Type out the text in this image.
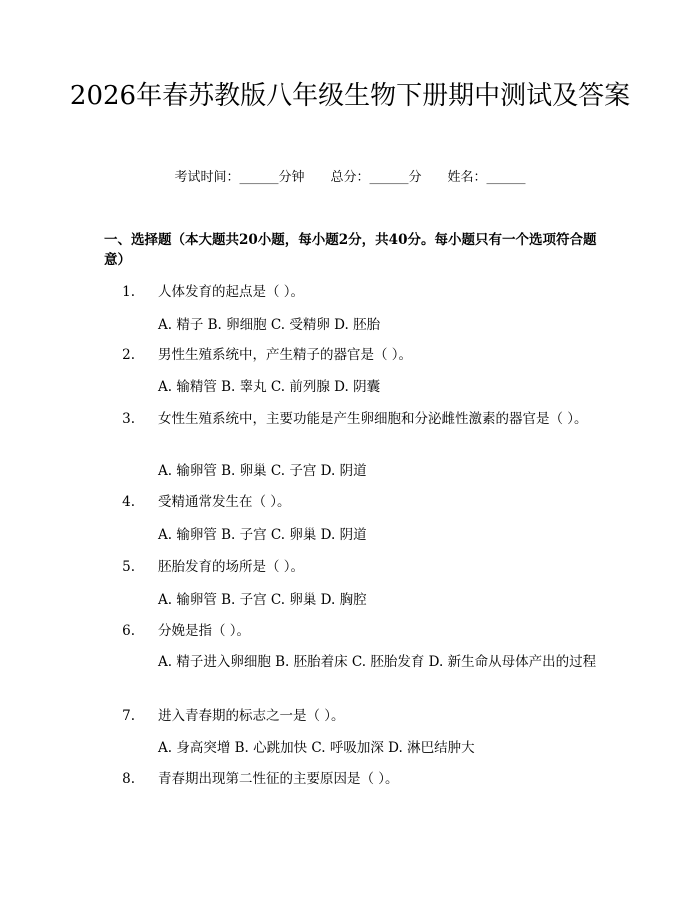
2026年春苏教版八年级生物下册期中测试及答案
考试时间：______分钟 总分：______分 姓名：______
一、选择题（本大题共20小题，每小题2分，共40分。每小题只有一个选项符合题意）
1. 人体发育的起点是（ ）。
A. 精子 B. 卵细胞 C. 受精卵 D. 胚胎
2. 男性生殖系统中，产生精子的器官是（ ）。
A. 输精管 B. 睾丸 C. 前列腺 D. 阴囊
3. 女性生殖系统中，主要功能是产生卵细胞和分泌雌性激素的器官是（ ）。
A. 输卵管 B. 卵巢 C. 子宫 D. 阴道
4. 受精通常发生在（ ）。
A. 输卵管 B. 子宫 C. 卵巢 D. 阴道
5. 胚胎发育的场所是（ ）。
A. 输卵管 B. 子宫 C. 卵巢 D. 胸腔
6. 分娩是指（ ）。
A. 精子进入卵细胞 B. 胚胎着床 C. 胚胎发育 D. 新生命从母体产出的过程
7. 进入青春期的标志之一是（ ）。
A. 身高突增 B. 心跳加快 C. 呼吸加深 D. 淋巴结肿大
8. 青春期出现第二性征的主要原因是（ ）。
